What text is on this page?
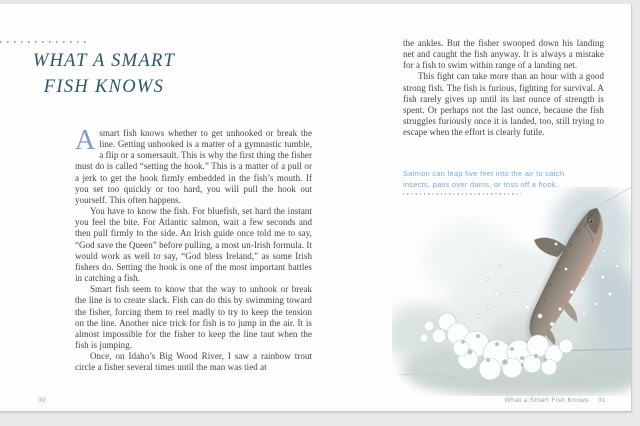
WHAT A SMART
FISH KNOWS

Asmart fish knows whether to get unhooked or break the line. Getting unhooked is a matter of a gymnastic tumble, a flip or a somersault. This is why the first thing the fisher must do is called “setting the hook.” This is a matter of a pull or a jerk to get the hook firmly embedded in the fish’s mouth. If you set too quickly or too hard, you will pull the hook out yourself. This often happens.

You have to know the fish. For bluefish, set hard the instant you feel the bite. For Atlantic salmon, wait a few seconds and then pull firmly to the side. An Irish guide once told me to say, “God save the Queen” before pulling, a most un-Irish formula. It would work as well to say, “God bless Ireland,” as some Irish fishers do. Setting the hook is one of the most important battles in catching a fish.

Smart fish seem to know that the way to unhook or break the line is to create slack. Fish can do this by swimming toward the fisher, forcing them to reel madly to try to keep the tension on the line. Another nice trick for fish is to jump in the air. It is almost impossible for the fisher to keep the line taut when the fish is jumping.

Once, on Idaho’s Big Wood River, I saw a rainbow trout circle a fisher several times until the man was tied at

30

the ankles. But the fisher swooped down his landing net and caught the fish anyway. It is always a mistake for a fish to swim within range of a landing net.

This fight can take more than an hour with a good strong fish. The fish is furious, fighting for survival. A fish rarely gives up until its last ounce of strength is spent. Or perhaps not the last ounce, because the fish struggles furiously once it is landed, too, still trying to escape when the effort is clearly futile.

Salmon can leap five feet into the air to catch insects, pass over dams, or toss off a hook.
What a Smart Fish Knows 31
